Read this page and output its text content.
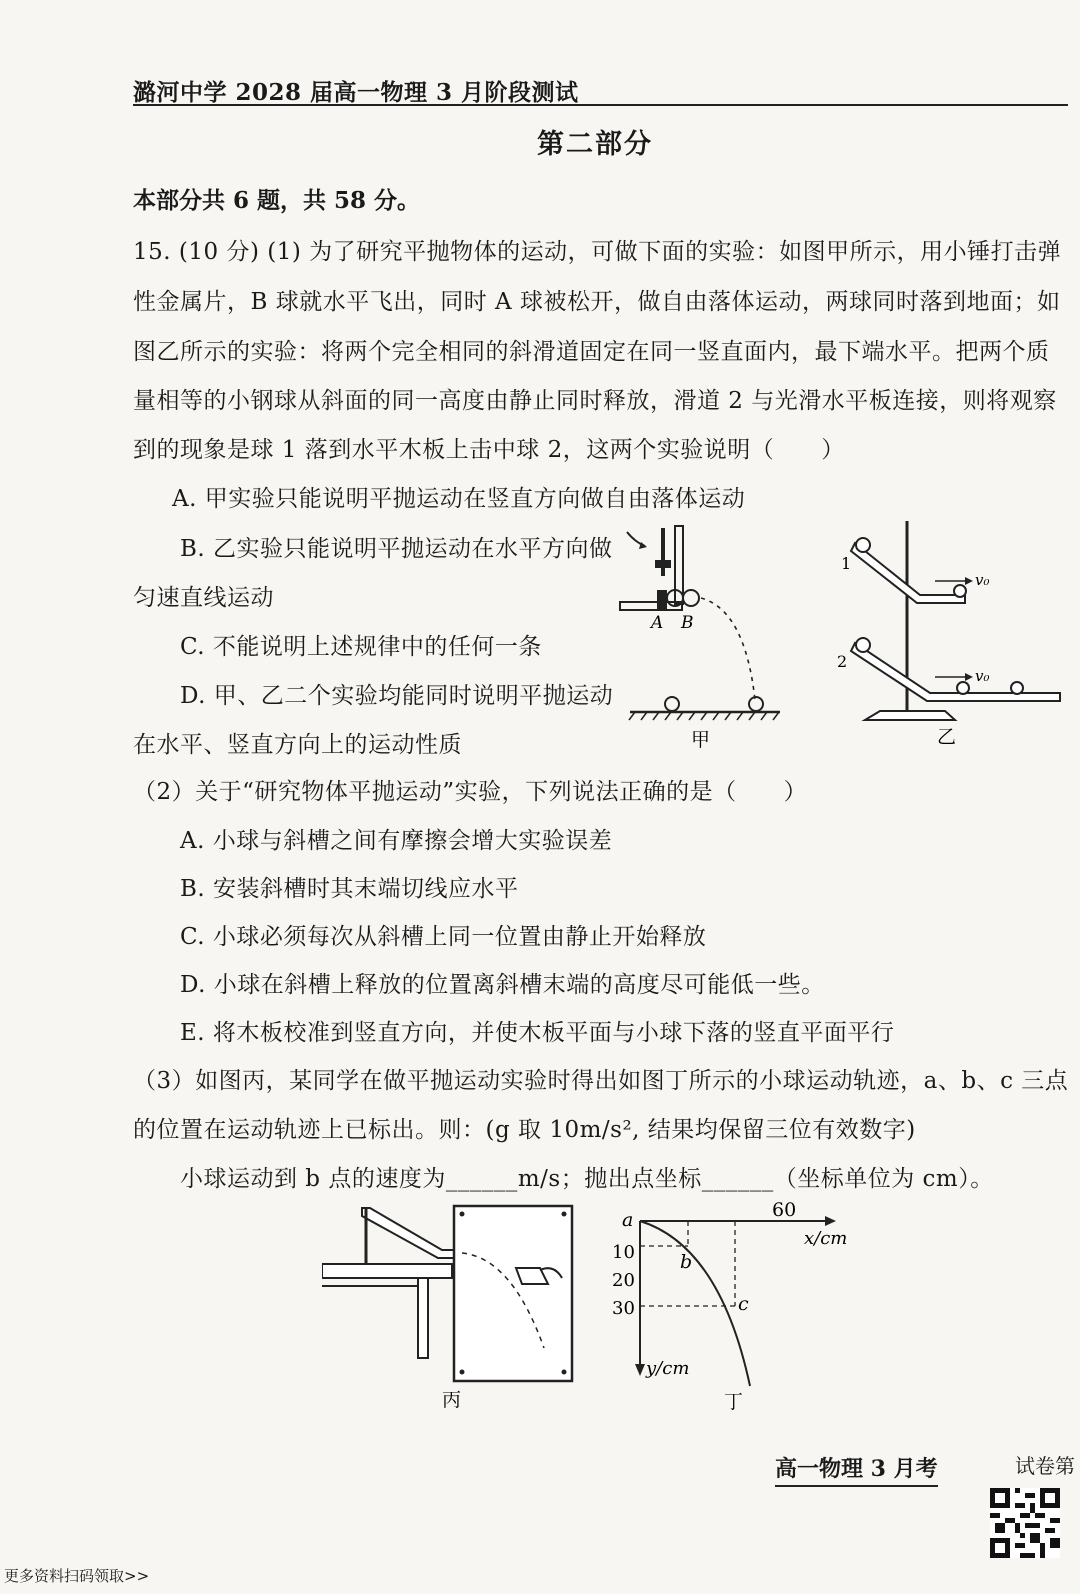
潞河中学 2028 届高一物理 3 月阶段测试
第二部分
本部分共 6 题，共 58 分。
15. (10 分) (1) 为了研究平抛物体的运动，可做下面的实验：如图甲所示，用小锤打击弹
性金属片，B 球就水平飞出，同时 A 球被松开，做自由落体运动，两球同时落到地面；如
图乙所示的实验：将两个完全相同的斜滑道固定在同一竖直面内，最下端水平。把两个质
量相等的小钢球从斜面的同一高度由静止同时释放，滑道 2 与光滑水平板连接，则将观察
到的现象是球 1 落到水平木板上击中球 2，这两个实验说明（　　）
A. 甲实验只能说明平抛运动在竖直方向做自由落体运动
B. 乙实验只能说明平抛运动在水平方向做
匀速直线运动
C. 不能说明上述规律中的任何一条
D. 甲、乙二个实验均能同时说明平抛运动
在水平、竖直方向上的运动性质
A B
甲
1
v₀
2
v₀
乙
（2）关于“研究物体平抛运动”实验，下列说法正确的是（　　）
A. 小球与斜槽之间有摩擦会增大实验误差
B. 安装斜槽时其末端切线应水平
C. 小球必须每次从斜槽上同一位置由静止开始释放
D. 小球在斜槽上释放的位置离斜槽末端的高度尽可能低一些。
E. 将木板校准到竖直方向，并使木板平面与小球下落的竖直平面平行
（3）如图丙，某同学在做平抛运动实验时得出如图丁所示的小球运动轨迹，a、b、c 三点
的位置在运动轨迹上已标出。则：(g 取 10m/s², 结果均保留三位有效数字)
小球运动到 b 点的速度为______m/s；抛出点坐标______（坐标单位为 cm）。
丙
a
b
c
60
x/cm
10
20
30
y/cm
丁
高一物理 3 月考	试卷第
更多资料扫码领取>>
